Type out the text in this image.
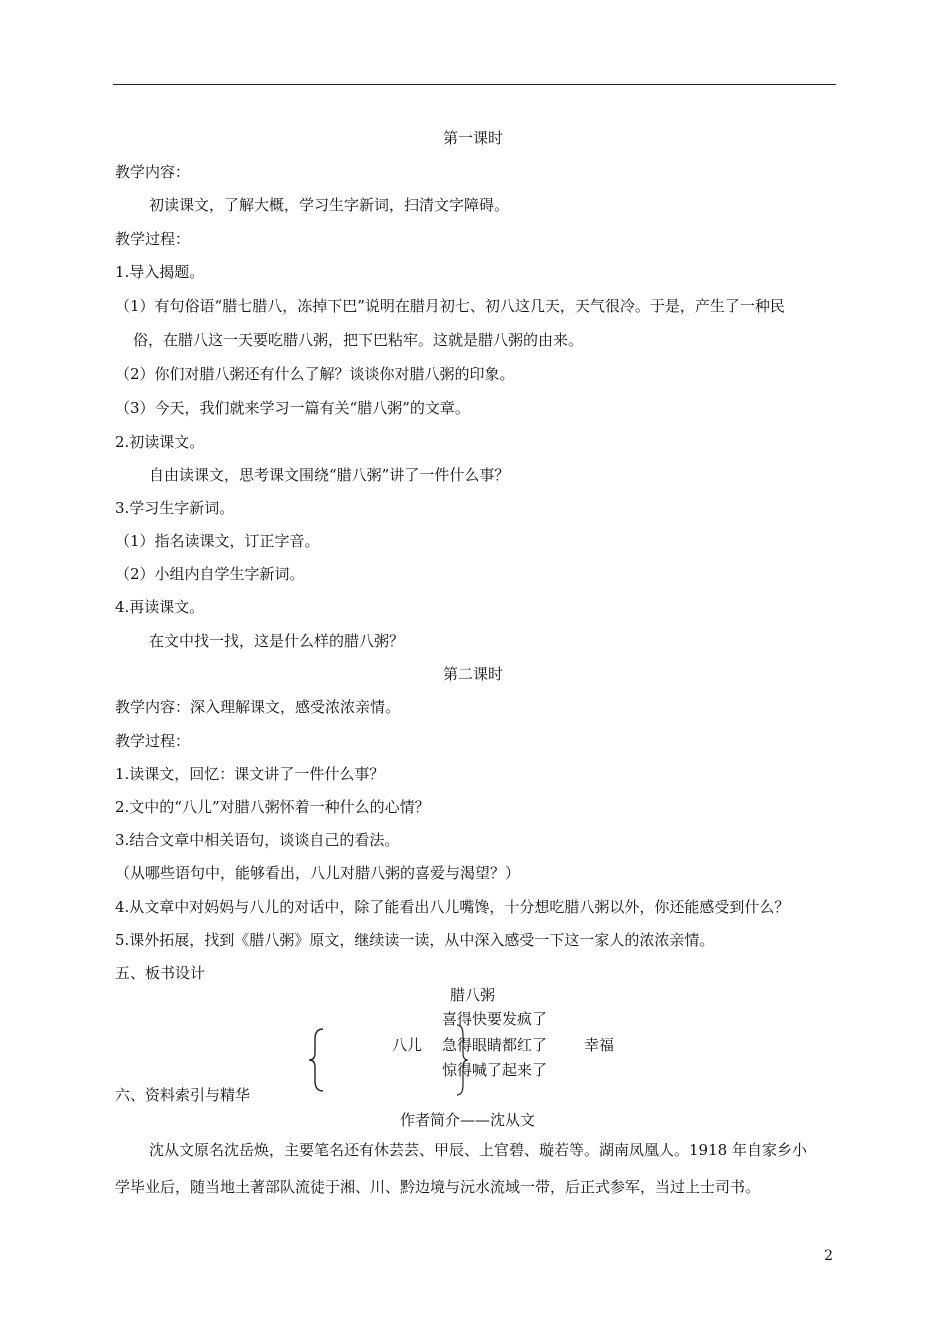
第一课时
教学内容：
初读课文，了解大概，学习生字新词，扫清文字障碍。
教学过程：
1.导入揭题。
（1）有句俗语“腊七腊八，冻掉下巴”说明在腊月初七、初八这几天，天气很冷。于是，产生了一种民
俗，在腊八这一天要吃腊八粥，把下巴粘牢。这就是腊八粥的由来。
（2）你们对腊八粥还有什么了解？谈谈你对腊八粥的印象。
（3）今天，我们就来学习一篇有关“腊八粥”的文章。
2.初读课文。
自由读课文，思考课文围绕“腊八粥”讲了一件什么事？
3.学习生字新词。
（1）指名读课文，订正字音。
（2）小组内自学生字新词。
4.再读课文。
在文中找一找，这是什么样的腊八粥？
第二课时
教学内容：深入理解课文，感受浓浓亲情。
教学过程：
1.读课文，回忆：课文讲了一件什么事？
2.文中的“八儿”对腊八粥怀着一种什么的心情？
3.结合文章中相关语句，谈谈自己的看法。
（从哪些语句中，能够看出，八儿对腊八粥的喜爱与渴望？）
4.从文章中对妈妈与八儿的对话中，除了能看出八儿嘴馋，十分想吃腊八粥以外，你还能感受到什么？
5.课外拓展，找到《腊八粥》原文，继续读一读，从中深入感受一下这一家人的浓浓亲情。
五、板书设计
腊八粥
喜得快要发疯了
八儿 急得眼睛都红了 幸福
惊得喊了起来了
六、资料索引与精华
作者简介——沈从文
沈从文原名沈岳焕，主要笔名还有休芸芸、甲辰、上官碧、璇若等。湖南凤凰人。1918 年自家乡小
学毕业后，随当地土著部队流徒于湘、川、黔边境与沅水流域一带，后正式参军，当过上士司书。
2
